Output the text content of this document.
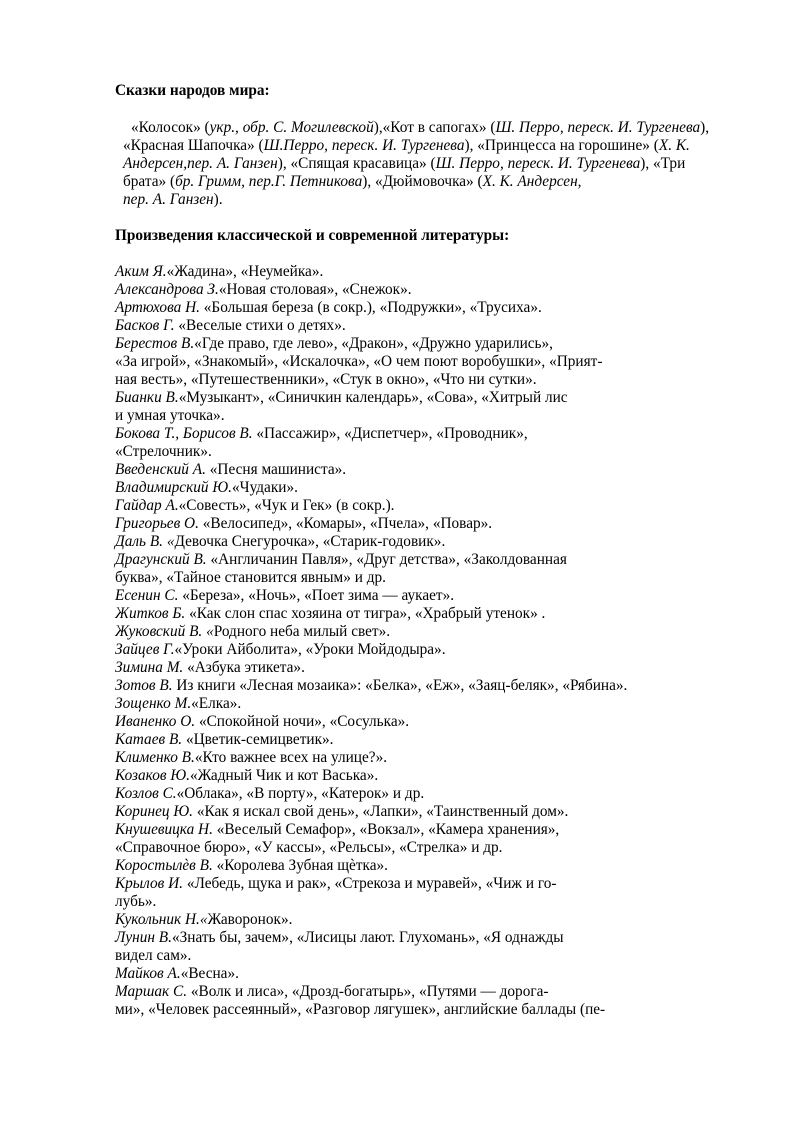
Сказки народов мира:
«Колосок» (укр., обр. С. Могилевской),«Кот в сапогах» (Ш. Перро, переск. И. Тургенева),
«Красная Шапочка» (Ш.Перро, переск. И. Тургенева), «Принцесса на горошине» (Х. К.
Андерсен,пер. А. Ганзен), «Спящая красавица» (Ш. Перро, переск. И. Тургенева), «Три
брата» (бр. Гримм, пер.Г. Петникова), «Дюймовочка» (Х. К. Андерсен,
пер. А. Ганзен).
Произведения классической и современной литературы:
Аким Я.«Жадина», «Неумейка».
Александрова З.«Новая столовая», «Снежок».
Артюхова Н. «Большая береза (в сокр.), «Подружки», «Трусиха».
Басков Г. «Веселые стихи о детях».
Берестов В.«Где право, где лево», «Дракон», «Дружно ударились»,
«За игрой», «Знакомый», «Искалочка», «О чем поют воробушки», «Прият-
ная весть», «Путешественники», «Стук в окно», «Что ни сутки».
Бианки В.«Музыкант», «Синичкин календарь», «Сова», «Хитрый лис
и умная уточка».
Бокова Т., Борисов В. «Пассажир», «Диспетчер», «Проводник»,
«Стрелочник».
Введенский А. «Песня машиниста».
Владимирский Ю.«Чудаки».
Гайдар А.«Совесть», «Чук и Гек» (в сокр.).
Григорьев О. «Велосипед», «Комары», «Пчела», «Повар».
Даль В. «Девочка Снегурочка», «Старик-годовик».
Драгунский В. «Англичанин Павля», «Друг детства», «Заколдованная
буква», «Тайное становится явным» и др.
Есенин С. «Береза», «Ночь», «Поет зима — аукает».
Житков Б. «Как слон спас хозяина от тигра», «Храбрый утенок» .
Жуковский В. «Родного неба милый свет».
Зайцев Г.«Уроки Айболита», «Уроки Мойдодыра».
Зимина М. «Азбука этикета».
Зотов В. Из книги «Лесная мозаика»: «Белка», «Еж», «Заяц-беляк», «Рябина».
Зощенко М.«Елка».
Иваненко О. «Спокойной ночи», «Сосулька».
Катаев В. «Цветик-семицветик».
Клименко В.«Кто важнее всех на улице?».
Козаков Ю.«Жадный Чик и кот Васька».
Козлов С.«Облака», «В порту», «Катерок» и др.
Коринец Ю. «Как я искал свой день», «Лапки», «Таинственный дом».
Кнушевицка Н. «Веселый Семафор», «Вокзал», «Камера хранения»,
«Справочное бюро», «У кассы», «Рельсы», «Стрелка» и др.
Коростылѐв В. «Королева Зубная щѐтка».
Крылов И. «Лебедь, щука и рак», «Стрекоза и муравей», «Чиж и го-
лубь».
Кукольник Н.«Жаворонок».
Лунин В.«Знать бы, зачем», «Лисицы лают. Глухомань», «Я однажды
видел сам».
Майков А.«Весна».
Маршак С. «Волк и лиса», «Дрозд-богатырь», «Путями — дорога-
ми», «Человек рассеянный», «Разговор лягушек», английские баллады (пе-
